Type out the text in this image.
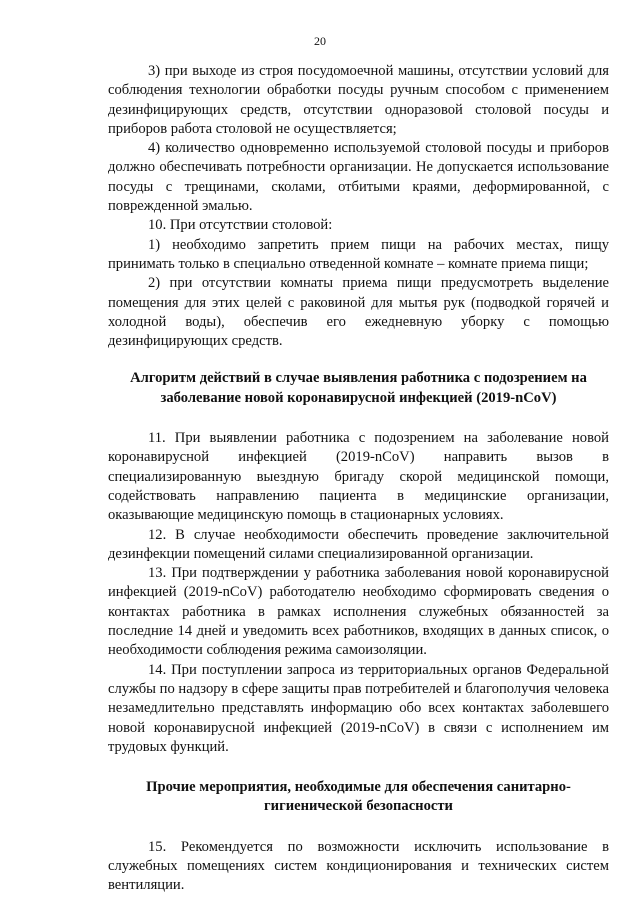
20

3) при выходе из строя посудомоечной машины, отсутствии условий для соблюдения технологии обработки посуды ручным способом с применением дезинфицирующих средств, отсутствии одноразовой столовой посуды и приборов работа столовой не осуществляется;

4) количество одновременно используемой столовой посуды и приборов должно обеспечивать потребности организации. Не допускается использование посуды с трещинами, сколами, отбитыми краями, деформированной, с поврежденной эмалью.

10. При отсутствии столовой:

1) необходимо запретить прием пищи на рабочих местах, пищу принимать только в специально отведенной комнате – комнате приема пищи;

2) при отсутствии комнаты приема пищи предусмотреть выделение помещения для этих целей с раковиной для мытья рук (подводкой горячей и холодной воды), обеспечив его ежедневную уборку с помощью дезинфицирующих средств.

Алгоритм действий в случае выявления работника с подозрением на заболевание новой коронавирусной инфекцией (2019-nCoV)

11. При выявлении работника с подозрением на заболевание новой коронавирусной инфекцией (2019-nCoV) направить вызов в специализированную выездную бригаду скорой медицинской помощи, содействовать направлению пациента в медицинские организации, оказывающие медицинскую помощь в стационарных условиях.

12. В случае необходимости обеспечить проведение заключительной дезинфекции помещений силами специализированной организации.

13. При подтверждении у работника заболевания новой коронавирусной инфекцией (2019-nCoV) работодателю необходимо сформировать сведения о контактах работника в рамках исполнения служебных обязанностей за последние 14 дней и уведомить всех работников, входящих в данных список, о необходимости соблюдения режима самоизоляции.

14. При поступлении запроса из территориальных органов Федеральной службы по надзору в сфере защиты прав потребителей и благополучия человека незамедлительно представлять информацию обо всех контактах заболевшего новой коронавирусной инфекцией (2019-nCoV) в связи с исполнением им трудовых функций.

Прочие мероприятия, необходимые для обеспечения санитарно-гигиенической безопасности

15. Рекомендуется по возможности исключить использование в служебных помещениях систем кондиционирования и технических систем вентиляции.
